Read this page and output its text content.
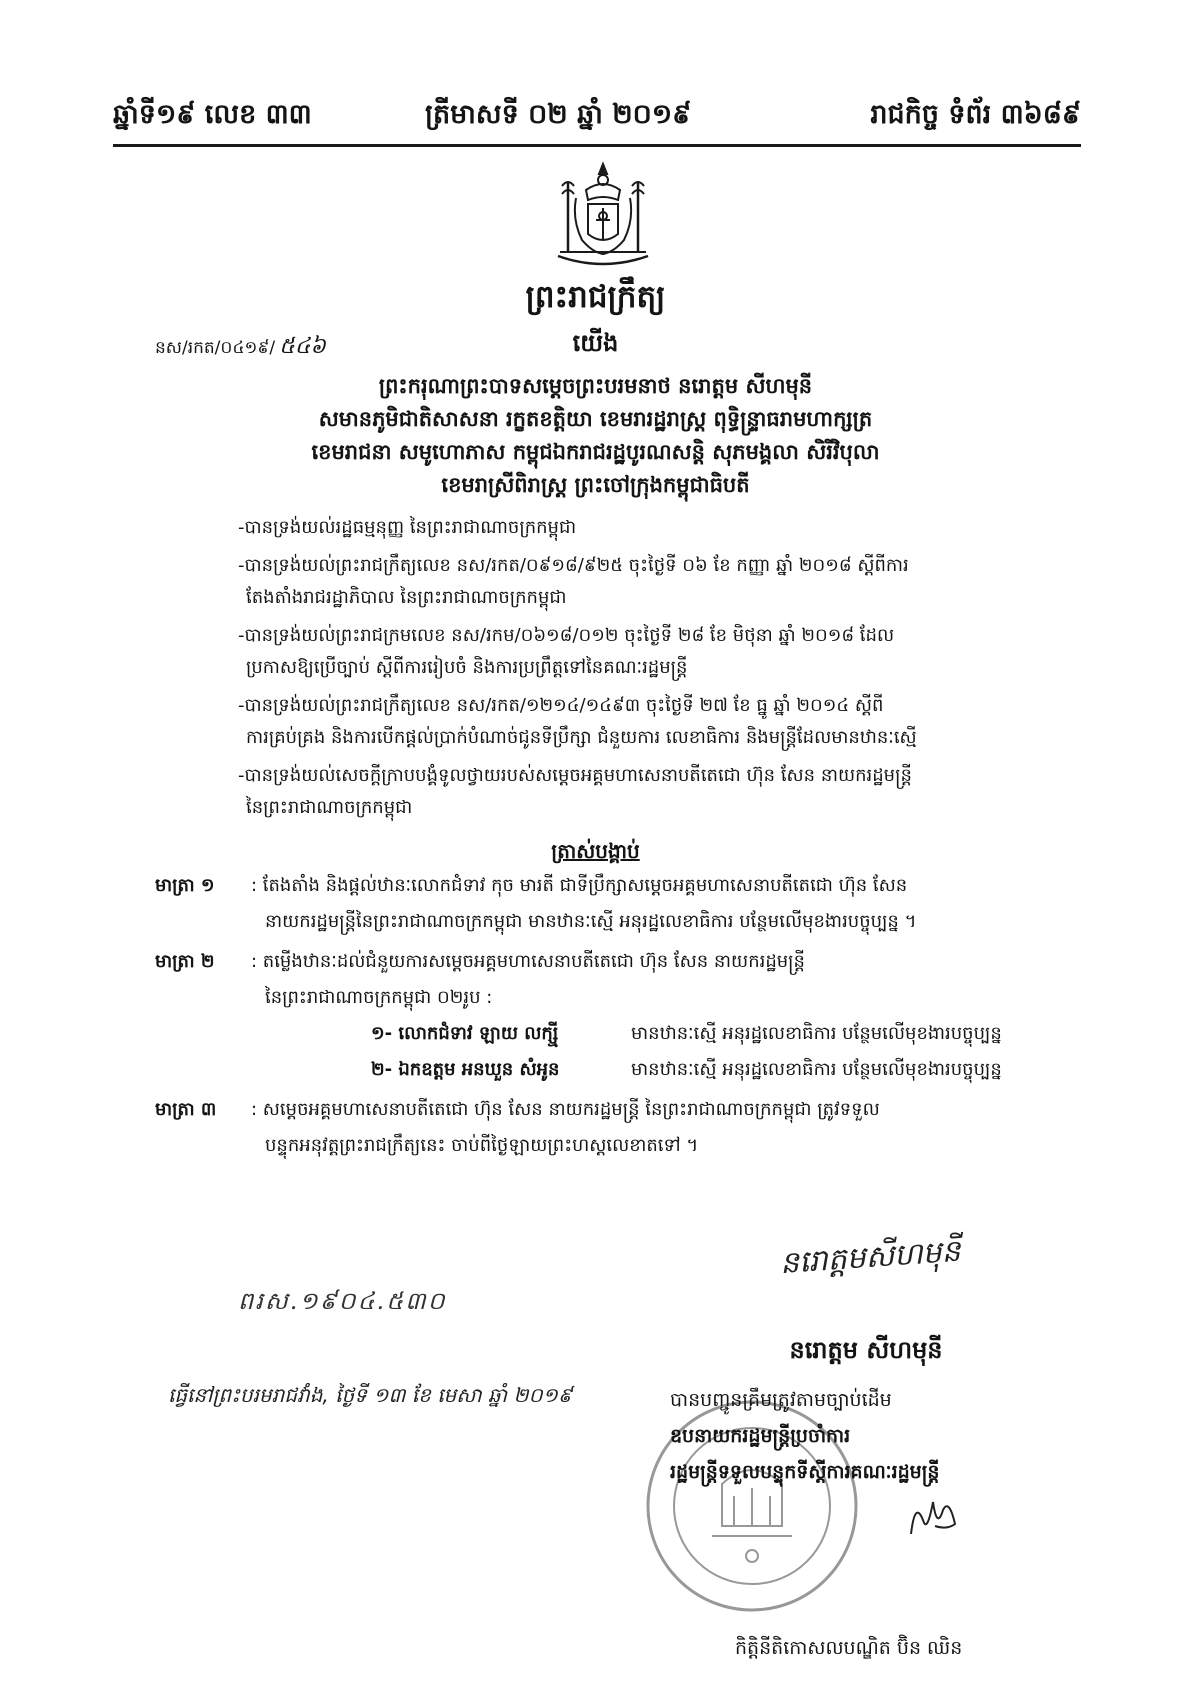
ឆ្នាំទី១៩ លេខ ៣៣	ត្រីមាសទី ០២ ឆ្នាំ ២០១៩	រាជកិច្ច ទំព័រ ៣៦៨៩
ព្រះរាជក្រឹត្យ
នស/រកត/០៤១៩/ ៥៤៦	យើង
ព្រះករុណាព្រះបាទសម្តេចព្រះបរមនាថ នរោត្តម សីហមុនី
សមានភូមិជាតិសាសនា រក្ខតខត្តិយា ខេមរារដ្ឋរាស្ត្រ ពុទ្ធិន្ទ្រាធរាមហាក្សត្រ
ខេមរាជនា សមូហោភាស កម្ពុជឯករាជរដ្ឋបូរណសន្តិ សុភមង្គលា សិរីវិបុលា
ខេមរាស្រីពិរាស្ត្រ ព្រះចៅក្រុងកម្ពុជាធិបតី
-បានទ្រង់យល់រដ្ឋធម្មនុញ្ញ នៃព្រះរាជាណាចក្រកម្ពុជា
-បានទ្រង់យល់ព្រះរាជក្រឹត្យលេខ នស/រកត/០៩១៨/៩២៥ ចុះថ្ងៃទី ០៦ ខែ កញ្ញា ឆ្នាំ ២០១៨ ស្តីពីការ
តែងតាំងរាជរដ្ឋាភិបាល នៃព្រះរាជាណាចក្រកម្ពុជា
-បានទ្រង់យល់ព្រះរាជក្រមលេខ នស/រកម/០៦១៨/០១២ ចុះថ្ងៃទី ២៨ ខែ មិថុនា ឆ្នាំ ២០១៨ ដែល
ប្រកាសឱ្យប្រើច្បាប់ ស្តីពីការរៀបចំ និងការប្រព្រឹត្តទៅនៃគណៈរដ្ឋមន្ត្រី
-បានទ្រង់យល់ព្រះរាជក្រឹត្យលេខ នស/រកត/១២១៤/១៤៩៣ ចុះថ្ងៃទី ២៧ ខែ ធ្នូ ឆ្នាំ ២០១៤ ស្តីពី
ការគ្រប់គ្រង និងការបើកផ្តល់ប្រាក់បំណាច់ជូនទីប្រឹក្សា ជំនួយការ លេខាធិការ និងមន្ត្រីដែលមានឋានៈស្មើ
-បានទ្រង់យល់សេចក្តីក្រាបបង្គំទូលថ្វាយរបស់សម្តេចអគ្គមហាសេនាបតីតេជោ ហ៊ុន សែន នាយករដ្ឋមន្ត្រី
នៃព្រះរាជាណាចក្រកម្ពុជា
ត្រាស់បង្គាប់
មាត្រា ១ : តែងតាំង និងផ្តល់ឋានៈលោកជំទាវ កុច មារតី ជាទីប្រឹក្សាសម្តេចអគ្គមហាសេនាបតីតេជោ ហ៊ុន សែន
នាយករដ្ឋមន្ត្រីនៃព្រះរាជាណាចក្រកម្ពុជា មានឋានៈស្មើ អនុរដ្ឋលេខាធិការ បន្ថែមលើមុខងារបច្ចុប្បន្ន ។
មាត្រា ២ : តម្លើងឋានៈដល់ជំនួយការសម្តេចអគ្គមហាសេនាបតីតេជោ ហ៊ុន សែន នាយករដ្ឋមន្ត្រី
នៃព្រះរាជាណាចក្រកម្ពុជា ០២រូប :
១- លោកជំទាវ ឡាយ លក្ស្មី	មានឋានៈស្មើ អនុរដ្ឋលេខាធិការ បន្ថែមលើមុខងារបច្ចុប្បន្ន
២- ឯកឧត្តម អនឃួន សំអូន	មានឋានៈស្មើ អនុរដ្ឋលេខាធិការ បន្ថែមលើមុខងារបច្ចុប្បន្ន
មាត្រា ៣ : សម្តេចអគ្គមហាសេនាបតីតេជោ ហ៊ុន សែន នាយករដ្ឋមន្ត្រី នៃព្រះរាជាណាចក្រកម្ពុជា ត្រូវទទួល
បន្ទុកអនុវត្តព្រះរាជក្រឹត្យនេះ ចាប់ពីថ្ងៃឡាយព្រះហស្តលេខាតទៅ ។
នរោត្តមសីហមុនី
ពរស.១៩០៤.៥៣០
នរោត្តម សីហមុនី
ធ្វើនៅព្រះបរមរាជវាំង, ថ្ងៃទី ១៣ ខែ មេសា ឆ្នាំ ២០១៩	បានបញ្ជូនគ្រឹមត្រូវតាមច្បាប់ដើម
ឧបនាយករដ្ឋមន្ត្រីប្រចាំការ
រដ្ឋមន្ត្រីទទួលបន្ទុកទីស្តីការគណៈរដ្ឋមន្ត្រី
កិត្តិនីតិកោសលបណ្ឌិត ប៊ិន ឈិន
